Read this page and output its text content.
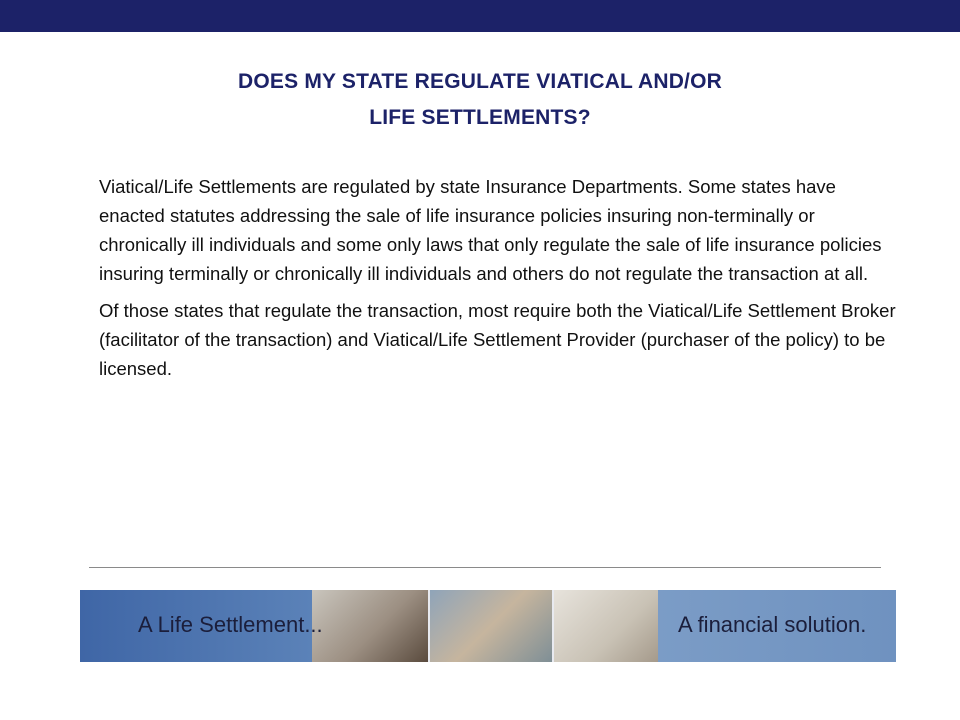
DOES MY STATE REGULATE VIATICAL AND/OR
LIFE SETTLEMENTS?

Viatical/Life Settlements are regulated by state Insurance Departments. Some states have enacted statutes addressing the sale of life insurance policies insuring non-terminally or chronically ill individuals and some only laws that only regulate the sale of life insurance policies insuring terminally or chronically ill individuals and others do not regulate the transaction at all.

Of those states that regulate the transaction, most require both the Viatical/Life Settlement Broker (facilitator of the transaction) and Viatical/Life Settlement Provider (purchaser of the policy) to be licensed.

A Life Settlement...	A financial solution.
